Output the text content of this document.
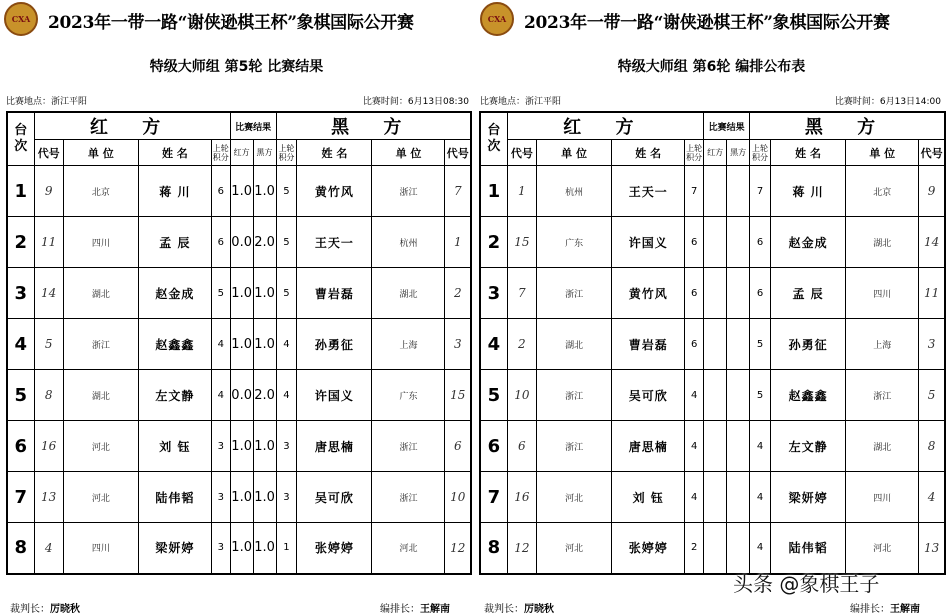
CXA 2023年一带一路“谢侠逊棋王杯”象棋国际公开赛
特级大师组 第5轮 比赛结果
比赛地点：浙江平阳	比赛时间：6月13日08:30
台
次	红 方				比赛结果		黑 方			
	代号	单 位	姓 名	上轮
积分	红方	黑方	上轮
积分	姓 名	单 位	代号
1	9	北京	蒋 川	6	1.0	1.0	5	黄竹风	浙江	7
2	11	四川	孟 辰	6	0.0	2.0	5	王天一	杭州	1
3	14	湖北	赵金成	5	1.0	1.0	5	曹岩磊	湖北	2
4	5	浙江	赵鑫鑫	4	1.0	1.0	4	孙勇征	上海	3
5	8	湖北	左文静	4	0.0	2.0	4	许国义	广东	15
6	16	河北	刘 钰	3	1.0	1.0	3	唐思楠	浙江	6
7	13	河北	陆伟韬	3	1.0	1.0	3	吴可欣	浙江	10
8	4	四川	梁妍婷	3	1.0	1.0	1	张婷婷	河北	12
裁判长：厉晓秋	编排长：王解南
CXA 2023年一带一路“谢侠逊棋王杯”象棋国际公开赛
特级大师组 第6轮 编排公布表
比赛地点：浙江平阳	比赛时间：6月13日14:00
台
次	红 方				比赛结果		黑 方			
	代号	单 位	姓 名	上轮
积分	红方	黑方	上轮
积分	姓 名	单 位	代号
1	1	杭州	王天一	7			7	蒋 川	北京	9
2	15	广东	许国义	6			6	赵金成	湖北	14
3	7	浙江	黄竹风	6			6	孟 辰	四川	11
4	2	湖北	曹岩磊	6			5	孙勇征	上海	3
5	10	浙江	吴可欣	4			5	赵鑫鑫	浙江	5
6	6	浙江	唐思楠	4			4	左文静	湖北	8
7	16	河北	刘 钰	4			4	梁妍婷	四川	4
8	12	河北	张婷婷	2			4	陆伟韬	河北	13
裁判长：厉晓秋	编排长：王解南
头条 @象棋王子
